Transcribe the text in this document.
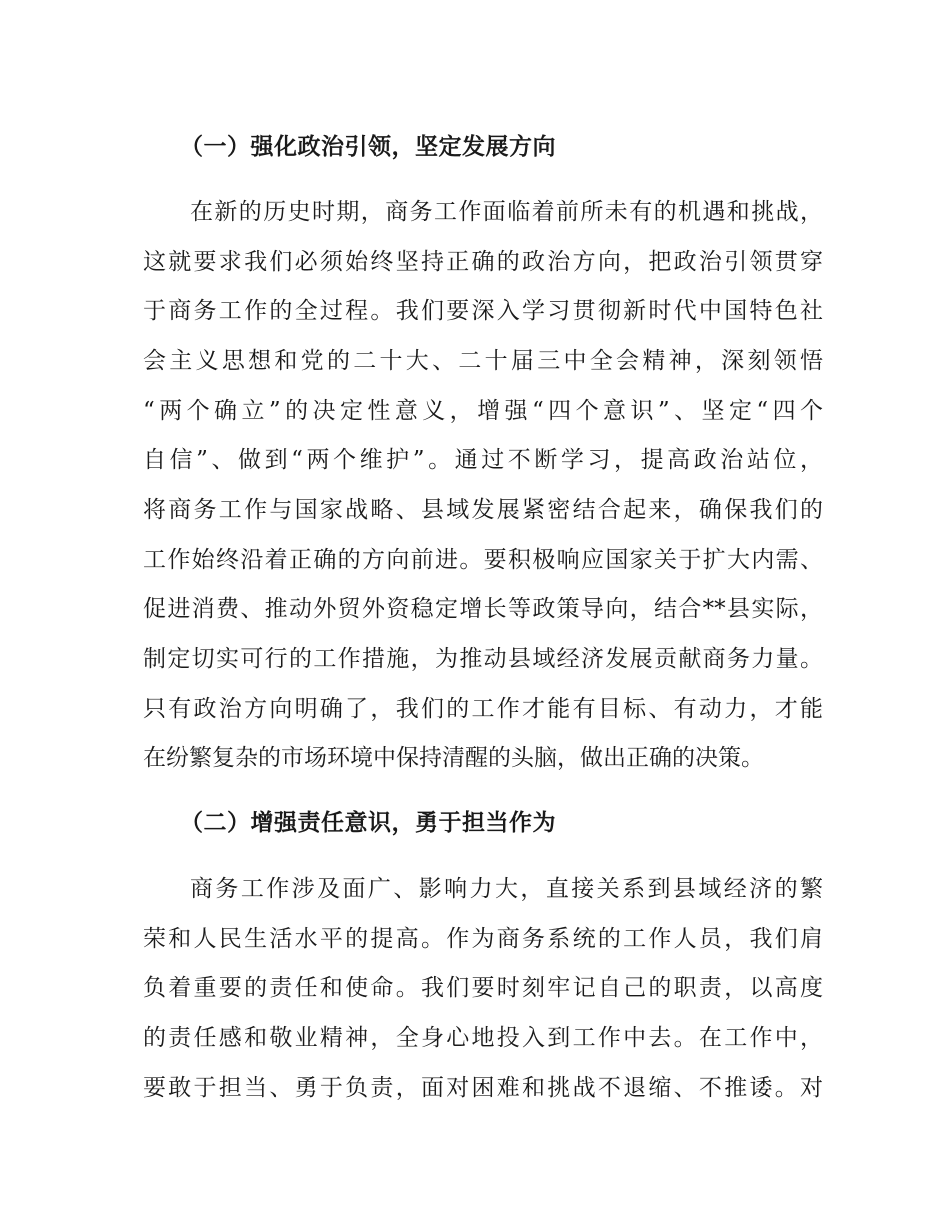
（一）强化政治引领，坚定发展方向
在新的历史时期，商务工作面临着前所未有的机遇和挑战，
这就要求我们必须始终坚持正确的政治方向，把政治引领贯穿
于商务工作的全过程。我们要深入学习贯彻新时代中国特色社
会主义思想和党的二十大、二十届三中全会精神，深刻领悟
“两个确立”的决定性意义，增强“四个意识”、坚定“四个
自信”、做到“两个维护”。通过不断学习，提高政治站位，
将商务工作与国家战略、县域发展紧密结合起来，确保我们的
工作始终沿着正确的方向前进。要积极响应国家关于扩大内需、
促进消费、推动外贸外资稳定增长等政策导向，结合**县实际，
制定切实可行的工作措施，为推动县域经济发展贡献商务力量。
只有政治方向明确了，我们的工作才能有目标、有动力，才能
在纷繁复杂的市场环境中保持清醒的头脑，做出正确的决策。
（二）增强责任意识，勇于担当作为
商务工作涉及面广、影响力大，直接关系到县域经济的繁
荣和人民生活水平的提高。作为商务系统的工作人员，我们肩
负着重要的责任和使命。我们要时刻牢记自己的职责，以高度
的责任感和敬业精神，全身心地投入到工作中去。在工作中，
要敢于担当、勇于负责，面对困难和挑战不退缩、不推诿。对
